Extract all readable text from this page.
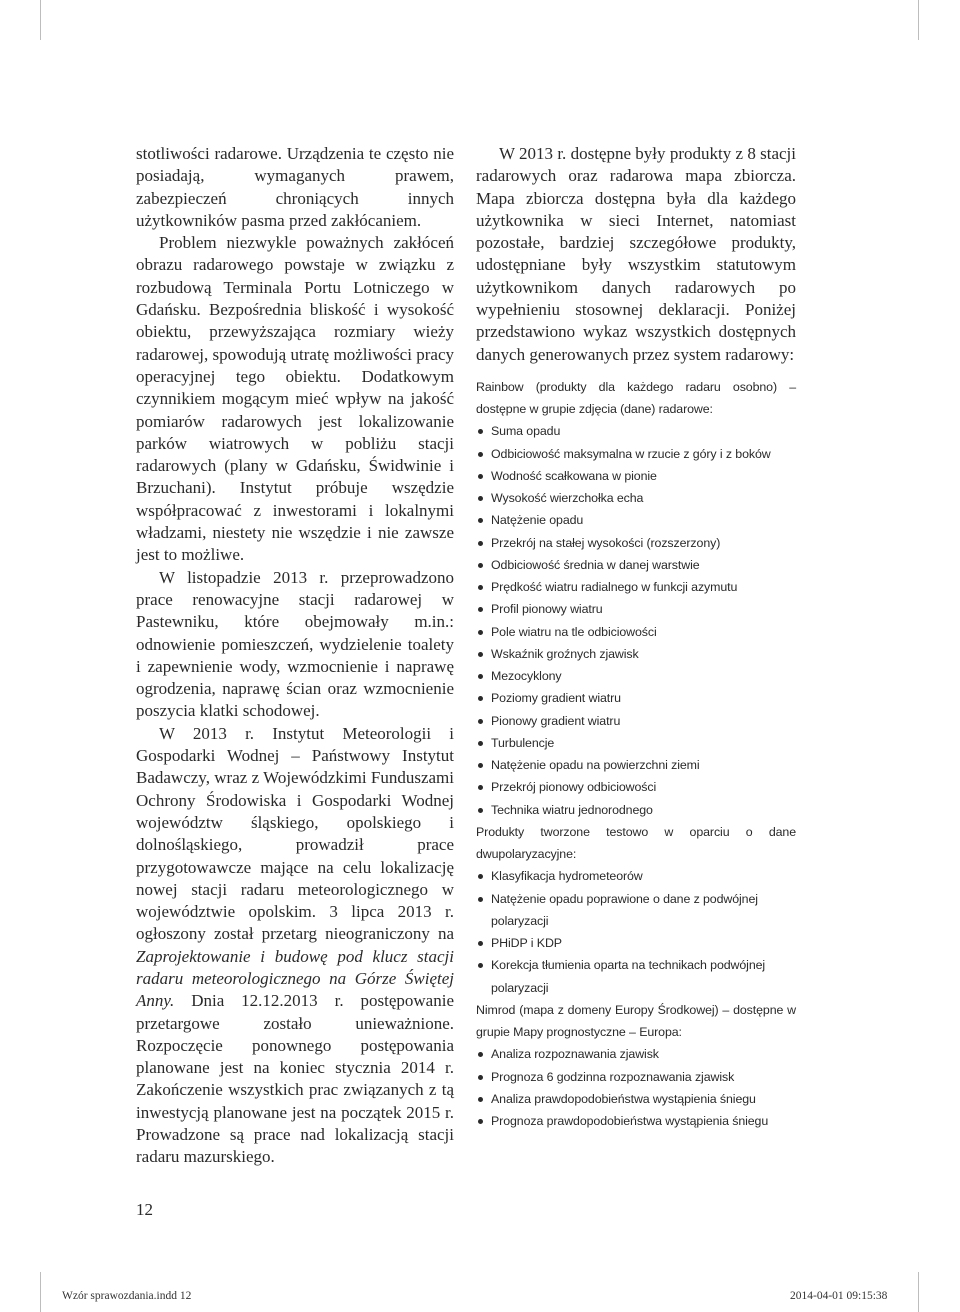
stotliwości radarowe. Urządzenia te często nie posiadają, wymaganych prawem, zabezpieczeń chroniących innych użytkowników pasma przed zakłócaniem.

Problem niezwykle poważnych zakłóceń obrazu radarowego powstaje w związku z rozbudową Terminala Portu Lotniczego w Gdańsku. Bezpośrednia bliskość i wysokość obiektu, przewyższająca rozmiary wieży radarowej, spowodują utratę możliwości pracy operacyjnej tego obiektu. Dodatkowym czynnikiem mogącym mieć wpływ na jakość pomiarów radarowych jest lokalizowanie parków wiatrowych w pobliżu stacji radarowych (plany w Gdańsku, Świdwinie i Brzuchani). Instytut próbuje wszędzie współpracować z inwestorami i lokalnymi władzami, niestety nie wszędzie i nie zawsze jest to możliwe.

W listopadzie 2013 r. przeprowadzono prace renowacyjne stacji radarowej w Pastewniku, które obejmowały m.in.: odnowienie pomieszczeń, wydzielenie toalety i zapewnienie wody, wzmocnienie i naprawę ogrodzenia, naprawę ścian oraz wzmocnienie poszycia klatki schodowej.

W 2013 r. Instytut Meteorologii i Gospodarki Wodnej – Państwowy Instytut Badawczy, wraz z Wojewódzkimi Funduszami Ochrony Środowiska i Gospodarki Wodnej województw śląskiego, opolskiego i dolnośląskiego, prowadził prace przygotowawcze mające na celu lokalizację nowej stacji radaru meteorologicznego w województwie opolskim. 3 lipca 2013 r. ogłoszony został przetarg nieograniczony na Zaprojektowanie i budowę pod klucz stacji radaru meteorologicznego na Górze Świętej Anny. Dnia 12.12.2013 r. postępowanie przetargowe zostało unieważnione. Rozpoczęcie ponownego postępowania planowane jest na koniec stycznia 2014 r. Zakończenie wszystkich prac związanych z tą inwestycją planowane jest na początek 2015 r. Prowadzone są prace nad lokalizacją stacji radaru mazurskiego.

W 2013 r. dostępne były produkty z 8 stacji radarowych oraz radarowa mapa zbiorcza. Mapa zbiorcza dostępna była dla każdego użytkownika w sieci Internet, natomiast pozostałe, bardziej szczegółowe produkty, udostępniane były wszystkim statutowym użytkownikom danych radarowych po wypełnieniu stosownej deklaracji. Poniżej przedstawiono wykaz wszystkich dostępnych danych generowanych przez system radarowy:

Rainbow (produkty dla każdego radaru osobno) – dostępne w grupie zdjęcia (dane) radarowe:

Suma opadu
Odbiciowość maksymalna w rzucie z góry i z boków
Wodność scałkowana w pionie
Wysokość wierzchołka echa
Natężenie opadu
Przekrój na stałej wysokości (rozszerzony)
Odbiciowość średnia w danej warstwie
Prędkość wiatru radialnego w funkcji azymutu
Profil pionowy wiatru
Pole wiatru na tle odbiciowości
Wskaźnik groźnych zjawisk
Mezocyklony
Poziomy gradient wiatru
Pionowy gradient wiatru
Turbulencje
Natężenie opadu na powierzchni ziemi
Przekrój pionowy odbiciowości
Technika wiatru jednorodnego

Produkty tworzone testowo w oparciu o dane dwupolaryzacyjne:

Klasyfikacja hydrometeorów
Natężenie opadu poprawione o dane z podwójnej polaryzacji
PHiDP i KDP
Korekcja tłumienia oparta na technikach podwójnej polaryzacji

Nimrod (mapa z domeny Europy Środkowej) – dostępne w grupie Mapy prognostyczne – Europa:

Analiza rozpoznawania zjawisk
Prognoza 6 godzinna rozpoznawania zjawisk
Analiza prawdopodobieństwa wystąpienia śniegu
Prognoza prawdopodobieństwa wystąpienia śniegu
12
Wzór sprawozdania.indd 12	2014-04-01 09:15:38
